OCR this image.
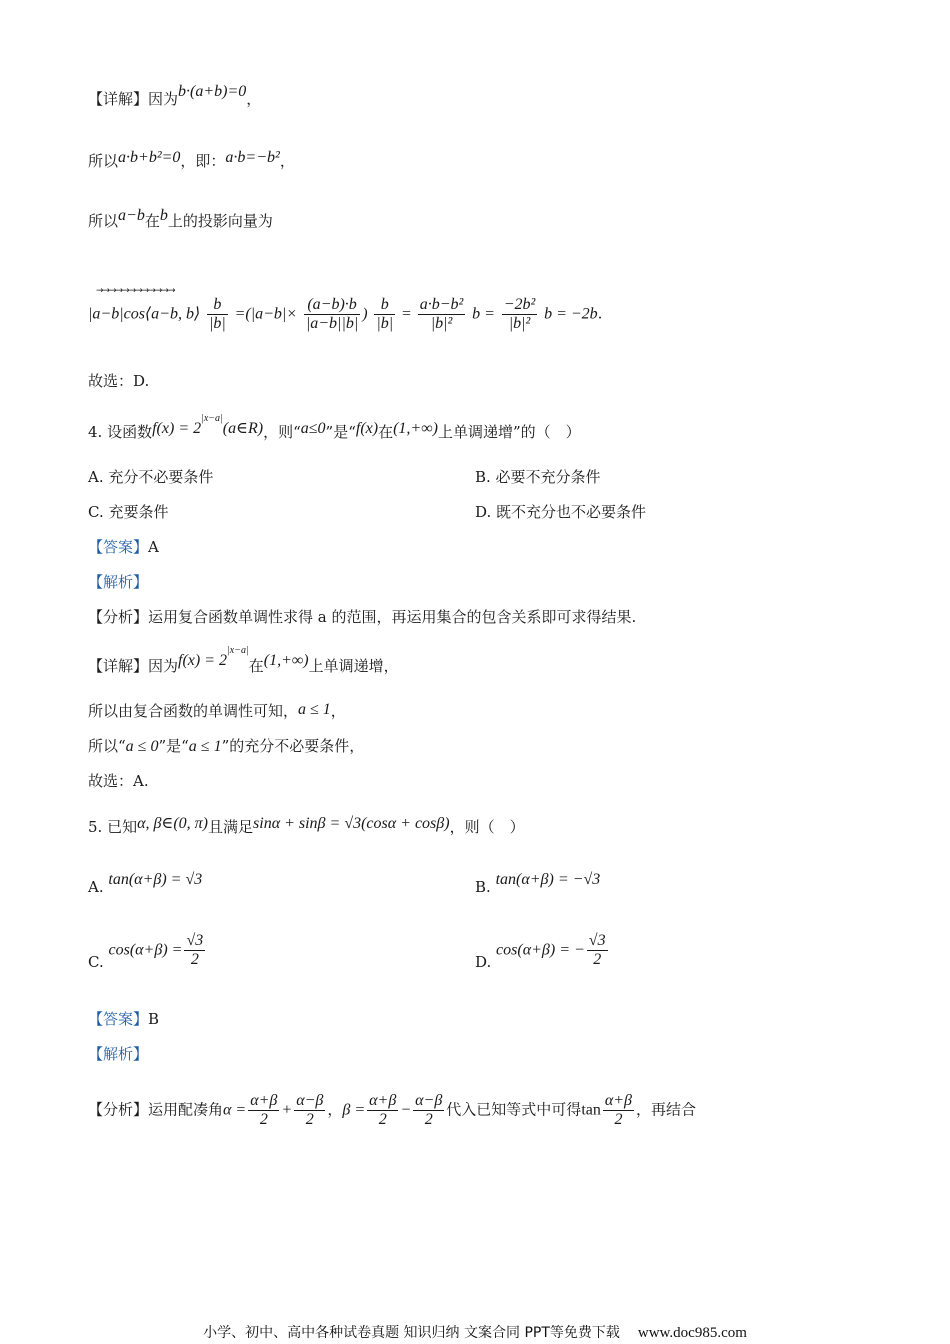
【详解】因为b·(a+b)=0，
所以a·b+b²=0，即：a·b=−b²，
所以a−b在b上的投影向量为
→→→→→→→→→→→→
|a−b|cos⟨a−b, b⟩ $\frac{b}{|b|} =(|a-b|\times \frac{(a-b)\cdot b}{|a-b||b|}$ ) $\frac{b}{|b|} = \frac{\text{a·b−b²}}{\text{|b|²}}$ $b = \frac{\text{−2b²}}{\text{|b|²}}$ b = −2b.
故选：D.
4. 设函数$f(x) = 2^{|x-a|}(a\in R)$，则“a≤0”是“f(x)在(1,+∞)上单调递增”的（　）
A. 充分不必要条件	B. 必要不充分条件
C. 充要条件	D. 既不充分也不必要条件
【答案】A
【解析】
【分析】运用复合函数单调性求得 a 的范围，再运用集合的包含关系即可求得结果.
【详解】因为$f(x) = 2^{|x-a|}$在(1,+∞)上单调递增，
所以由复合函数的单调性可知，a ≤ 1，
所以“a ≤ 0”是“a ≤ 1”的充分不必要条件，
故选：A.
5. 已知α, β∈(0, π)且满足sinα + sinβ = √3(cosα + cosβ)，则（　）
A. tan(α+β) = √3	B. tan(α+β) = −√3
C. $\cos(\alpha+\beta) = \frac{√3}{2}$	D. cos(α+β) = − $\frac{√3}{2}$
【答案】B
【解析】
【分析】运用配凑角$\alpha = \frac{\alpha+\beta}{2} + \frac{\alpha-\beta}{2}$ ，$\beta = \frac{\alpha+\beta}{2} - \frac{\alpha-\beta}{2}$ 代入已知等式中可得$\tan \frac{\alpha+\beta}{2}$ ，再结合
小学、初中、高中各种试卷真题 知识归纳 文案合同 PPT等免费下载 www.doc985.com
